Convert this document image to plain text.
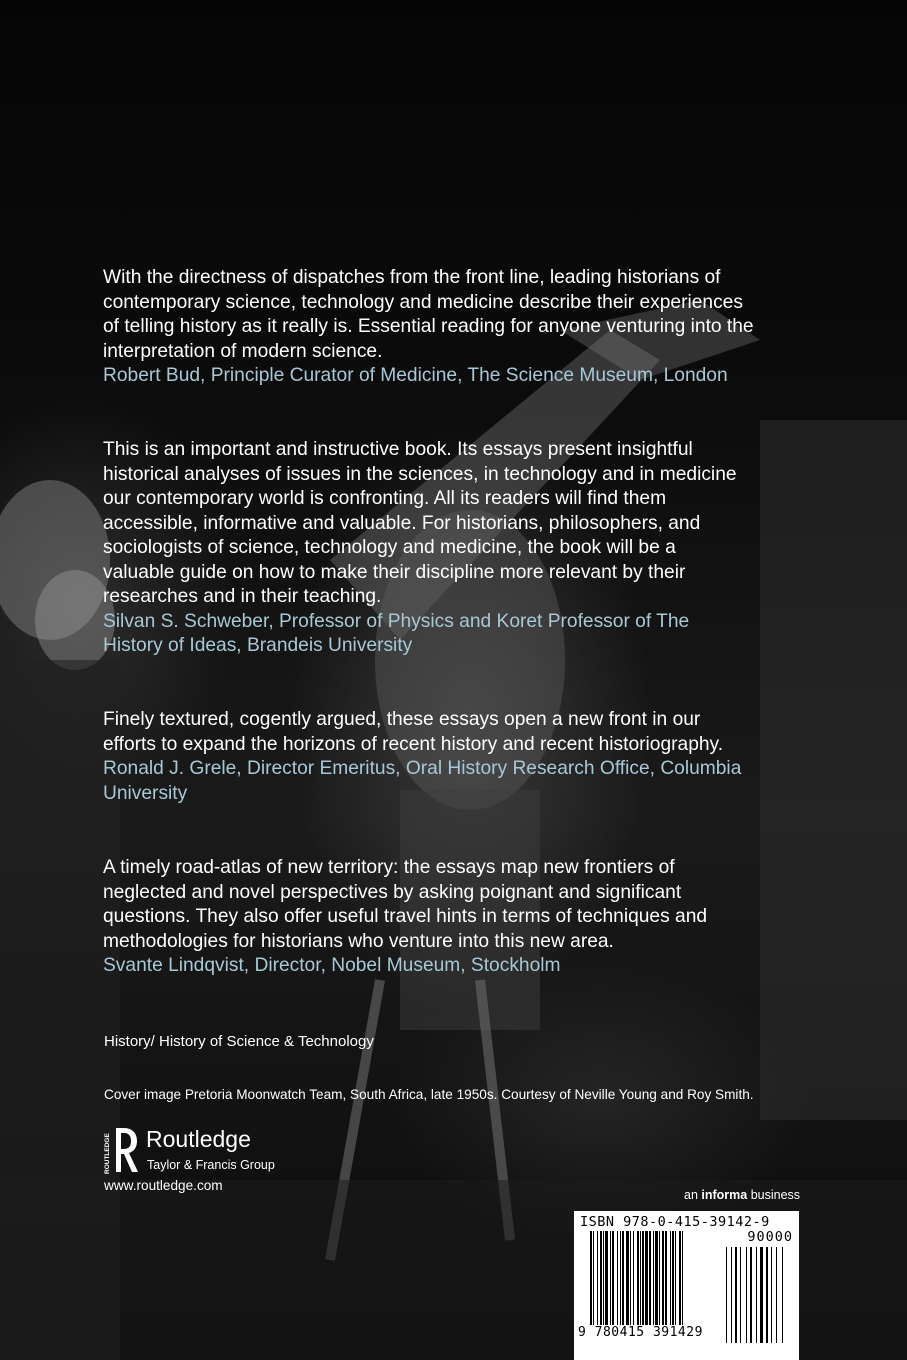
With the directness of dispatches from the front line, leading historians of
contemporary science, technology and medicine describe their experiences
of telling history as it really is. Essential reading for anyone venturing into the
interpretation of modern science.
Robert Bud, Principle Curator of Medicine, The Science Museum, London

This is an important and instructive book. Its essays present insightful
historical analyses of issues in the sciences, in technology and in medicine
our contemporary world is confronting. All its readers will find them
accessible, informative and valuable. For historians, philosophers, and
sociologists of science, technology and medicine, the book will be a
valuable guide on how to make their discipline more relevant by their
researches and in their teaching.
Silvan S. Schweber, Professor of Physics and Koret Professor of The
History of Ideas, Brandeis University

Finely textured, cogently argued, these essays open a new front in our
efforts to expand the horizons of recent history and recent historiography.
Ronald J. Grele, Director Emeritus, Oral History Research Office, Columbia
University

A timely road-atlas of new territory: the essays map new frontiers of
neglected and novel perspectives by asking poignant and significant
questions. They also offer useful travel hints in terms of techniques and
methodologies for historians who venture into this new area.
Svante Lindqvist, Director, Nobel Museum, Stockholm

History/ History of Science & Technology
Cover image Pretoria Moonwatch Team, South Africa, late 1950s. Courtesy of Neville Young and Roy Smith.
ROUTLEDGE Routledge
Taylor & Francis Group
www.routledge.com
an informa business
ISBN 978-0-415-39142-9
90000
9 780415 391429
